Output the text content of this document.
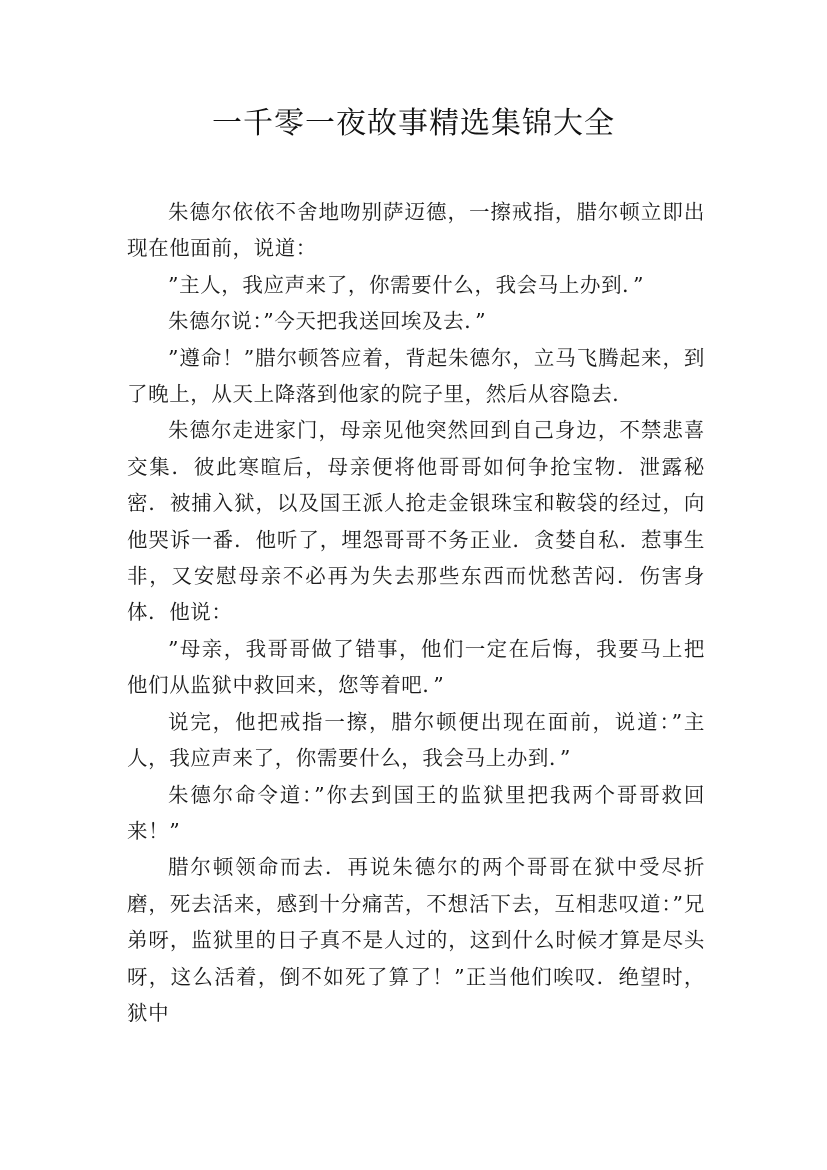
一千零一夜故事精选集锦大全

朱德尔依依不舍地吻别萨迈德，一擦戒指，腊尔顿立即出现在他面前，说道：

”主人，我应声来了，你需要什么，我会马上办到．”

朱德尔说：”今天把我送回埃及去．”

”遵命！”腊尔顿答应着，背起朱德尔，立马飞腾起来，到了晚上，从天上降落到他家的院子里，然后从容隐去．

朱德尔走进家门，母亲见他突然回到自己身边，不禁悲喜交集．彼此寒暄后，母亲便将他哥哥如何争抢宝物．泄露秘密．被捕入狱，以及国王派人抢走金银珠宝和鞍袋的经过，向他哭诉一番．他听了，埋怨哥哥不务正业．贪婪自私．惹事生非，又安慰母亲不必再为失去那些东西而忧愁苦闷．伤害身体．他说：

”母亲，我哥哥做了错事，他们一定在后悔，我要马上把他们从监狱中救回来，您等着吧．”

说完，他把戒指一擦，腊尔顿便出现在面前，说道：”主人，我应声来了，你需要什么，我会马上办到．”

朱德尔命令道：”你去到国王的监狱里把我两个哥哥救回来！”

腊尔顿领命而去．再说朱德尔的两个哥哥在狱中受尽折磨，死去活来，感到十分痛苦，不想活下去，互相悲叹道：”兄弟呀，监狱里的日子真不是人过的，这到什么时候才算是尽头呀，这么活着，倒不如死了算了！”正当他们唉叹．绝望时，狱中
